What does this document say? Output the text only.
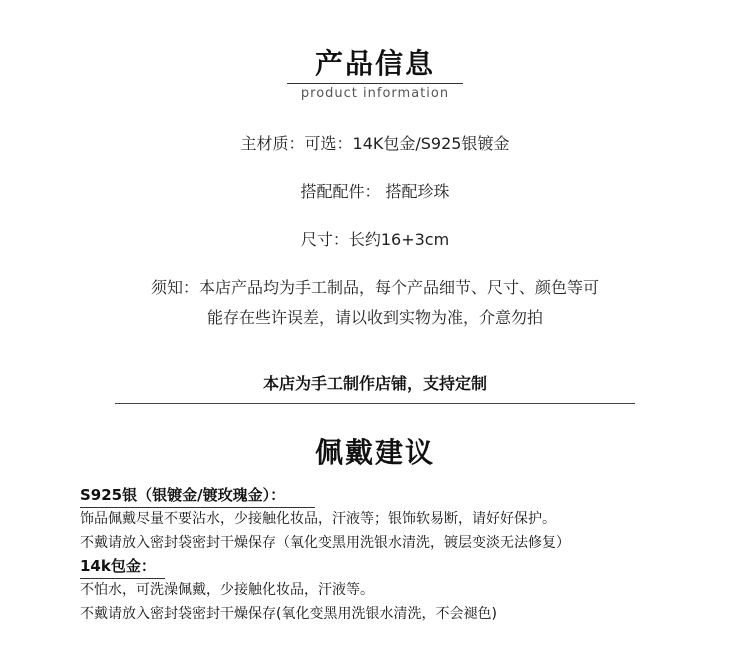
产品信息
product information
主材质：可选：14K包金/S925银镀金
搭配配件： 搭配珍珠
尺寸：长约16+3cm
须知：本店产品均为手工制品，每个产品细节、尺寸、颜色等可
能存在些许误差，请以收到实物为准，介意勿拍
本店为手工制作店铺，支持定制
佩戴建议
S925银（银镀金/镀玫瑰金）：
饰品佩戴尽量不要沾水，少接触化妆品，汗液等；银饰软易断，请好好保护。
不戴请放入密封袋密封干燥保存（氧化变黑用洗银水清洗，镀层变淡无法修复）
14k包金：
不怕水，可洗澡佩戴，少接触化妆品，汗液等。
不戴请放入密封袋密封干燥保存(氧化变黑用洗银水清洗，不会褪色)
